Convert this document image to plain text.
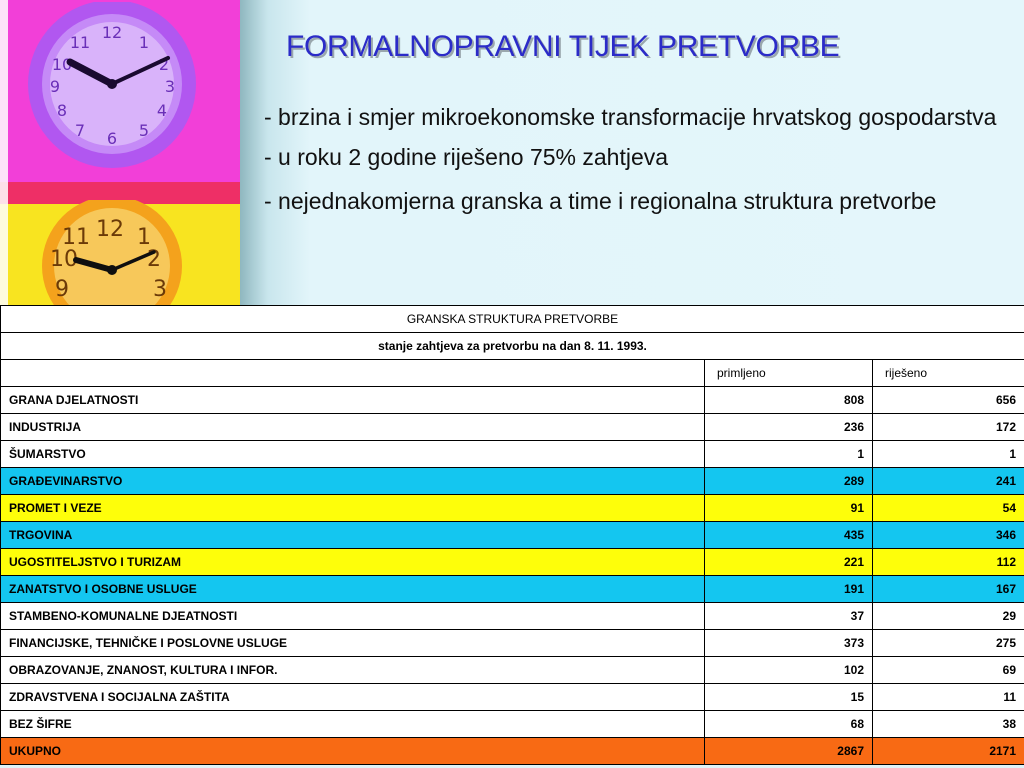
12
1
2
3
4
5
6
7
8
9
10
11
12 1
2
3
10
11
9
FORMALNOPRAVNI TIJEK PRETVORBE
- brzina i smjer mikroekonomske transformacije hrvatskog gospodarstva
- u roku 2 godine riješeno 75% zahtjeva
- nejednakomjerna granska a time i regionalna struktura pretvorbe
GRANSKA STRUKTURA PRETVORBE		
stanje zahtjeva za pretvorbu na dan 8. 11. 1993.		
	primljeno	riješeno
GRANA DJELATNOSTI	808	656
INDUSTRIJA	236	172
ŠUMARSTVO	1	1
GRAĐEVINARSTVO	289	241
PROMET I VEZE	91	54
TRGOVINA	435	346
UGOSTITELJSTVO I TURIZAM	221	112
ZANATSTVO I OSOBNE USLUGE	191	167
STAMBENO-KOMUNALNE DJEATNOSTI	37	29
FINANCIJSKE, TEHNIČKE I POSLOVNE USLUGE	373	275
OBRAZOVANJE, ZNANOST, KULTURA I INFOR.	102	69
ZDRAVSTVENA I SOCIJALNA ZAŠTITA	15	11
BEZ ŠIFRE	68	38
UKUPNO	2867	2171
